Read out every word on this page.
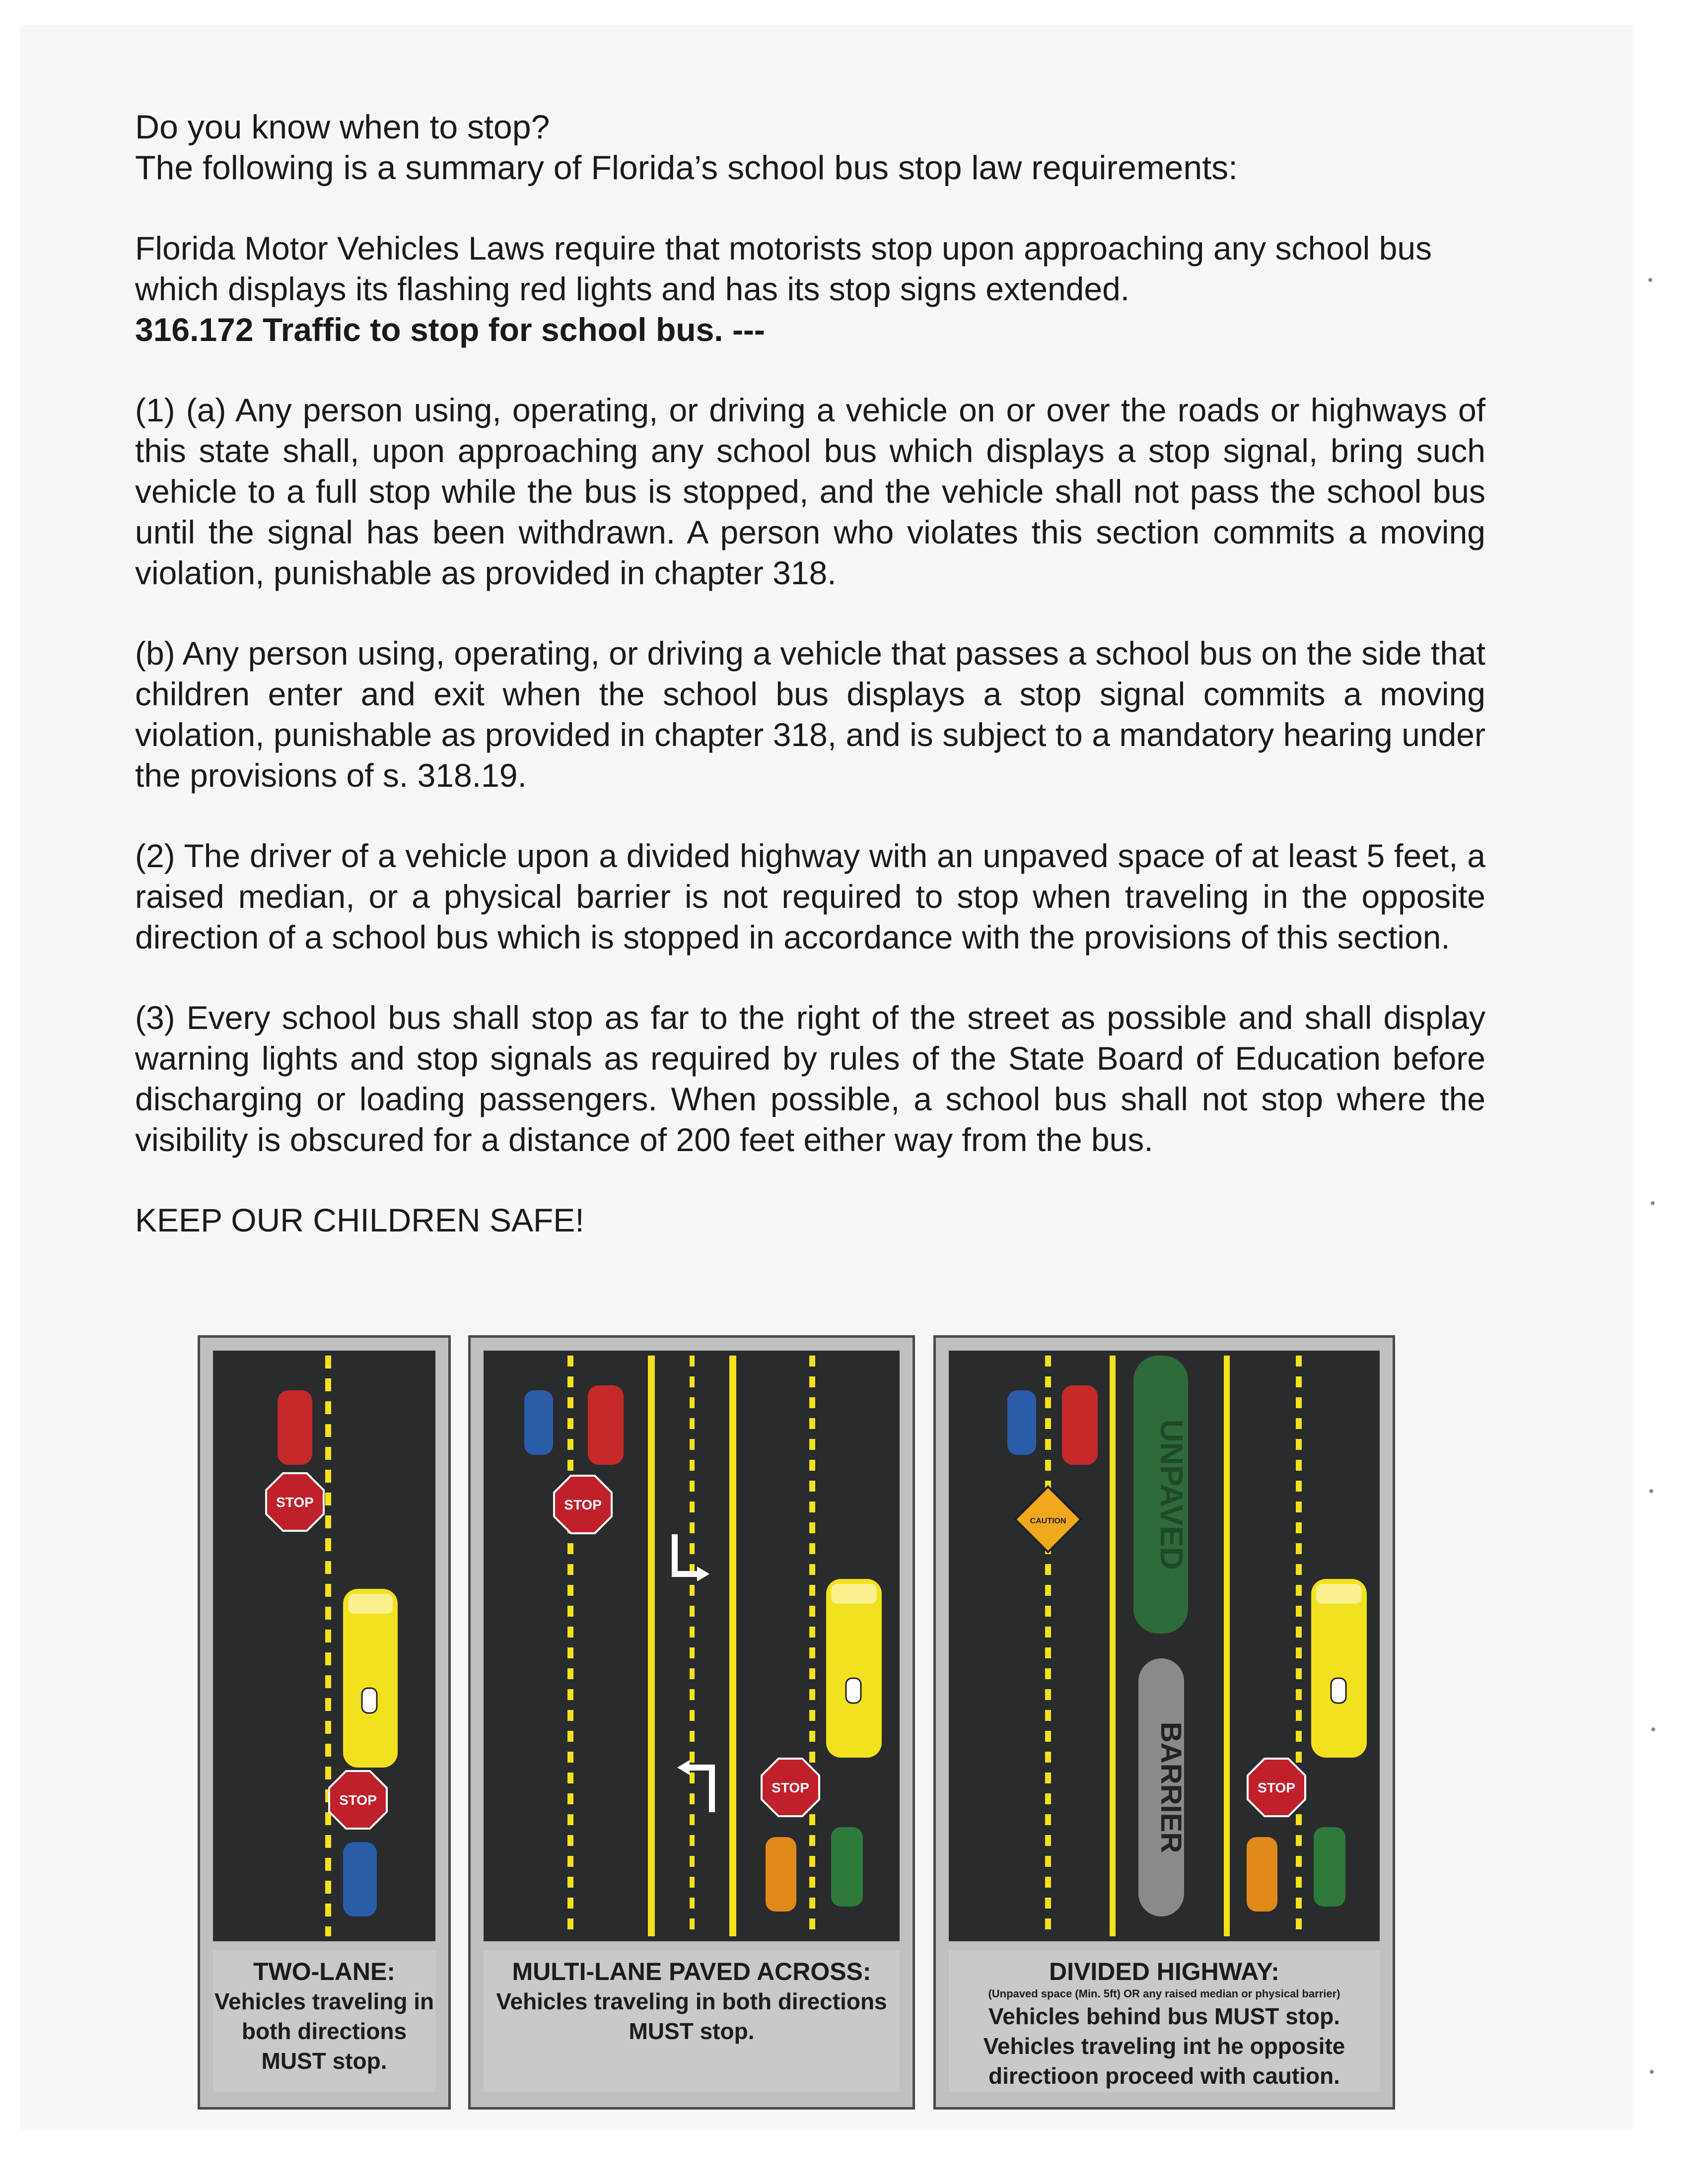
Do you know when to stop?

The following is a summary of Florida’s school bus stop law requirements:

Florida Motor Vehicles Laws require that motorists stop upon approaching any school bus which displays its flashing red lights and has its stop signs extended.

316.172 Traffic to stop for school bus. ---

(1) (a) Any person using, operating, or driving a vehicle on or over the roads or highways of this state shall, upon approaching any school bus which displays a stop signal, bring such vehicle to a full stop while the bus is stopped, and the vehicle shall not pass the school bus until the signal has been withdrawn. A person who violates this section commits a moving violation, punishable as provided in chapter 318.

(b) Any person using, operating, or driving a vehicle that passes a school bus on the side that children enter and exit when the school bus displays a stop signal commits a moving violation, punishable as provided in chapter 318, and is subject to a mandatory hearing under the provisions of s. 318.19.

(2) The driver of a vehicle upon a divided highway with an unpaved space of at least 5 feet, a raised median, or a physical barrier is not required to stop when traveling in the opposite direction of a school bus which is stopped in accordance with the provisions of this section.

(3) Every school bus shall stop as far to the right of the street as possible and shall display warning lights and stop signals as required by rules of the State Board of Education before discharging or loading passengers. When possible, a school bus shall not stop where the visibility is obscured for a distance of 200 feet either way from the bus.

KEEP OUR CHILDREN SAFE!

STOP
STOP
TWO-LANE:
Vehicles traveling in both directions MUST stop.
STOP
STOP
MULTI-LANE PAVED ACROSS:
Vehicles traveling in both directions MUST stop.
CAUTION	UNPAVED
BARRIER	STOP
DIVIDED HIGHWAY:
(Unpaved space (Min. 5ft) OR any raised median or physical barrier)
Vehicles behind bus MUST stop.
Vehicles traveling int he opposite directioon proceed with caution.
